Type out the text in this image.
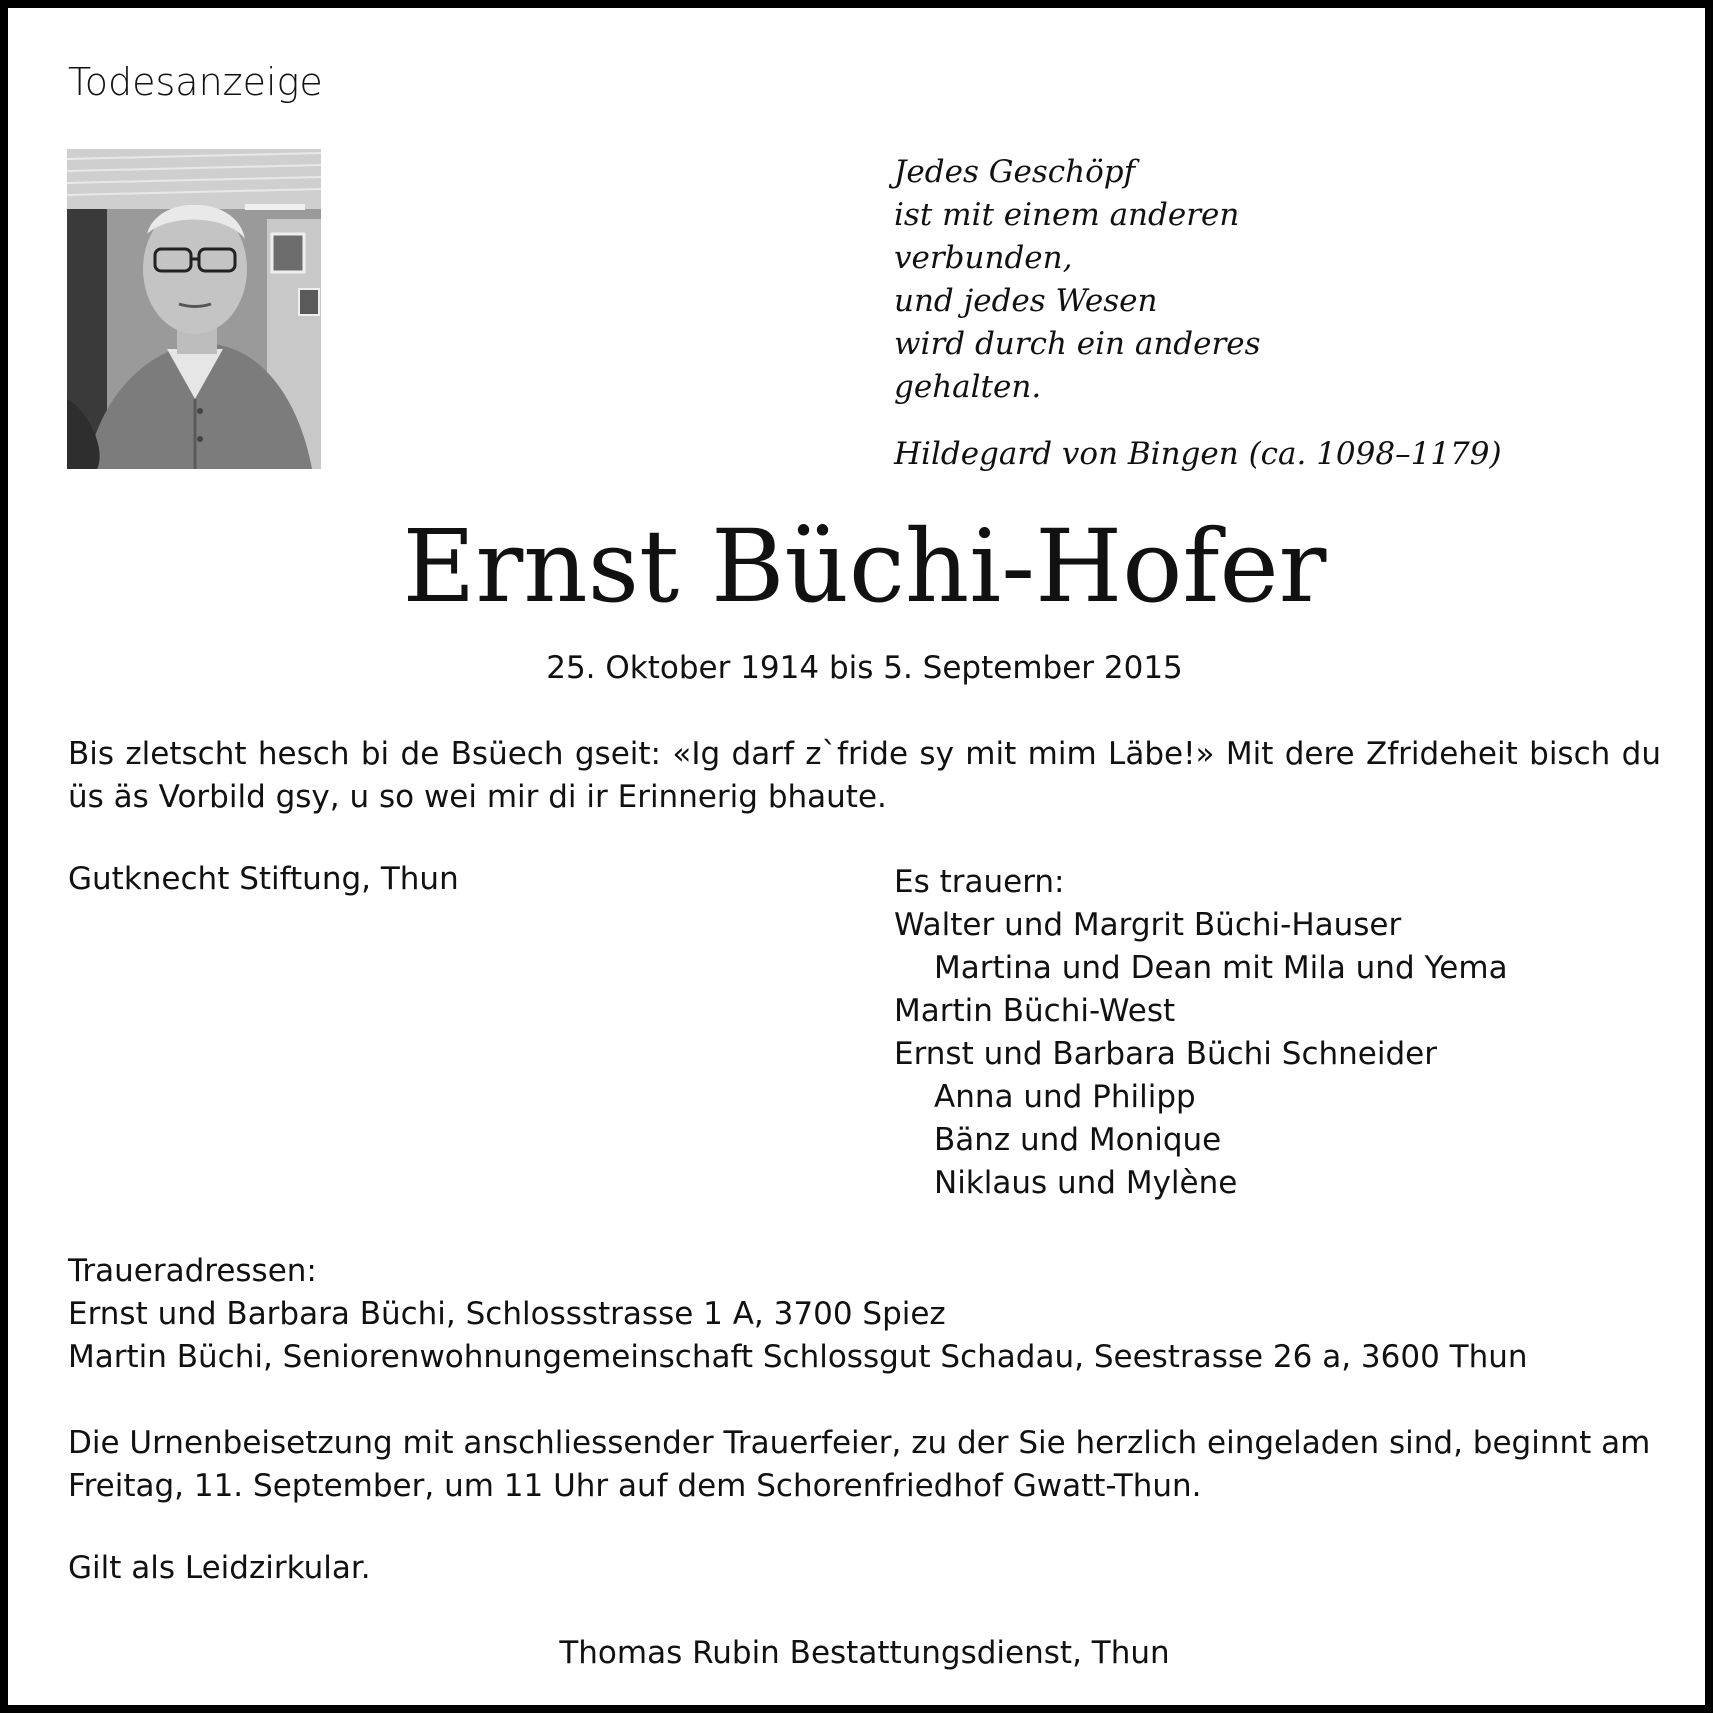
Todesanzeige
Jedes Geschöpf
ist mit einem anderen
verbunden,
und jedes Wesen
wird durch ein anderes
gehalten.
Hildegard von Bingen (ca. 1098–1179)
Ernst Büchi-Hofer
25. Oktober 1914 bis 5. September 2015
Bis zletscht hesch bi de Bsüech gseit: «Ig darf z`fride sy mit mim Läbe!» Mit dere Zfrideheit bisch du üs äs Vorbild gsy, u so wei mir di ir Erinnerig bhaute.
Gutknecht Stiftung, Thun	Es trauern:
Walter und Margrit Büchi-Hauser
Martina und Dean mit Mila und Yema
Martin Büchi-West
Ernst und Barbara Büchi Schneider
Anna und Philipp
Bänz und Monique
Niklaus und Mylène
Traueradressen:
Ernst und Barbara Büchi, Schlossstrasse 1 A, 3700 Spiez
Martin Büchi, Seniorenwohnungemeinschaft Schlossgut Schadau, Seestrasse 26 a, 3600 Thun
Die Urnenbeisetzung mit anschliessender Trauerfeier, zu der Sie herzlich eingeladen sind, beginnt am Freitag, 11. September, um 11 Uhr auf dem Schorenfriedhof Gwatt-Thun.
Gilt als Leidzirkular.
Thomas Rubin Bestattungsdienst, Thun
